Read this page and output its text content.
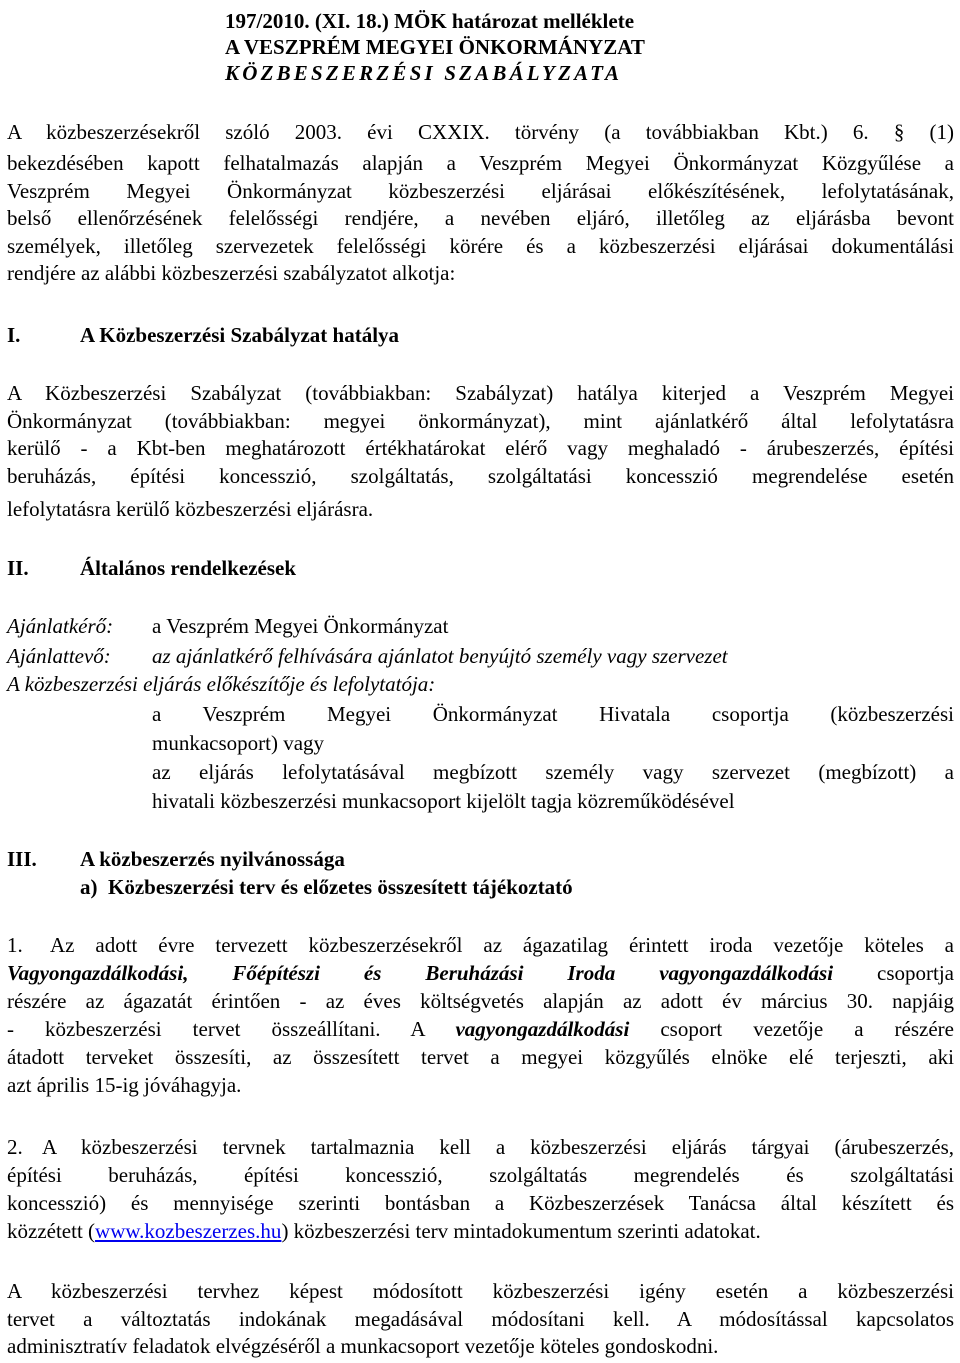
197/2010. (XI. 18.) MÖK határozat melléklete
A VESZPRÉM MEGYEI ÖNKORMÁNYZAT
KÖZBESZERZÉSI SZABÁLYZATA
A közbeszerzésekről szóló 2003. évi CXXIX. törvény (a továbbiakban Kbt.) 6. § (1)
bekezdésében kapott felhatalmazás alapján a Veszprém Megyei Önkormányzat Közgyűlése a
Veszprém Megyei Önkormányzat közbeszerzési eljárásai előkészítésének, lefolytatásának,
belső ellenőrzésének felelősségi rendjére, a nevében eljáró, illetőleg az eljárásba bevont
személyek, illetőleg szervezetek felelősségi körére és a közbeszerzési eljárásai dokumentálási
rendjére az alábbi közbeszerzési szabályzatot alkotja:
I.	A Közbeszerzési Szabályzat hatálya
A Közbeszerzési Szabályzat (továbbiakban: Szabályzat) hatálya kiterjed a Veszprém Megyei
Önkormányzat (továbbiakban: megyei önkormányzat), mint ajánlatkérő által lefolytatásra
kerülő - a Kbt-ben meghatározott értékhatárokat elérő vagy meghaladó - árubeszerzés, építési
beruházás, építési koncesszió, szolgáltatás, szolgáltatási koncesszió megrendelése esetén
lefolytatásra kerülő közbeszerzési eljárásra.
II.	Általános rendelkezések
Ajánlatkérő:	a Veszprém Megyei Önkormányzat
Ajánlattevő:	az ajánlatkérő felhívására ajánlatot benyújtó személy vagy szervezet
A közbeszerzési eljárás előkészítője és lefolytatója:
a Veszprém Megyei Önkormányzat Hivatala csoportja (közbeszerzési
munkacsoport) vagy
az eljárás lefolytatásával megbízott személy vagy szervezet (megbízott) a
hivatali közbeszerzési munkacsoport kijelölt tagja közreműködésével
III.	A közbeszerzés nyilvánossága
a)  Közbeszerzési terv és előzetes összesített tájékoztató
1.	Az adott évre tervezett közbeszerzésekről az ágazatilag érintett iroda vezetője köteles a
Vagyongazdálkodási, Főépítészi és Beruházási Iroda vagyongazdálkodási csoportja
részére az ágazatát érintően - az éves költségvetés alapján az adott év március 30. napjáig
- közbeszerzési tervet összeállítani. A vagyongazdálkodási csoport vezetője a részére
átadott terveket összesíti, az összesített tervet a megyei közgyűlés elnöke elé terjeszti, aki
azt április 15-ig jóváhagyja.
2. A közbeszerzési tervnek tartalmaznia kell a közbeszerzési eljárás tárgyai (árubeszerzés,
építési beruházás, építési koncesszió, szolgáltatás megrendelés és szolgáltatási
koncesszió) és mennyisége szerinti bontásban a Közbeszerzések Tanácsa által készített és
közzétett (www.kozbeszerzes.hu) közbeszerzési terv mintadokumentum szerinti adatokat.
A közbeszerzési tervhez képest módosított közbeszerzési igény esetén a közbeszerzési
tervet a változtatás indokának megadásával módosítani kell. A módosítással kapcsolatos
adminisztratív feladatok elvégzéséről a munkacsoport vezetője köteles gondoskodni.
